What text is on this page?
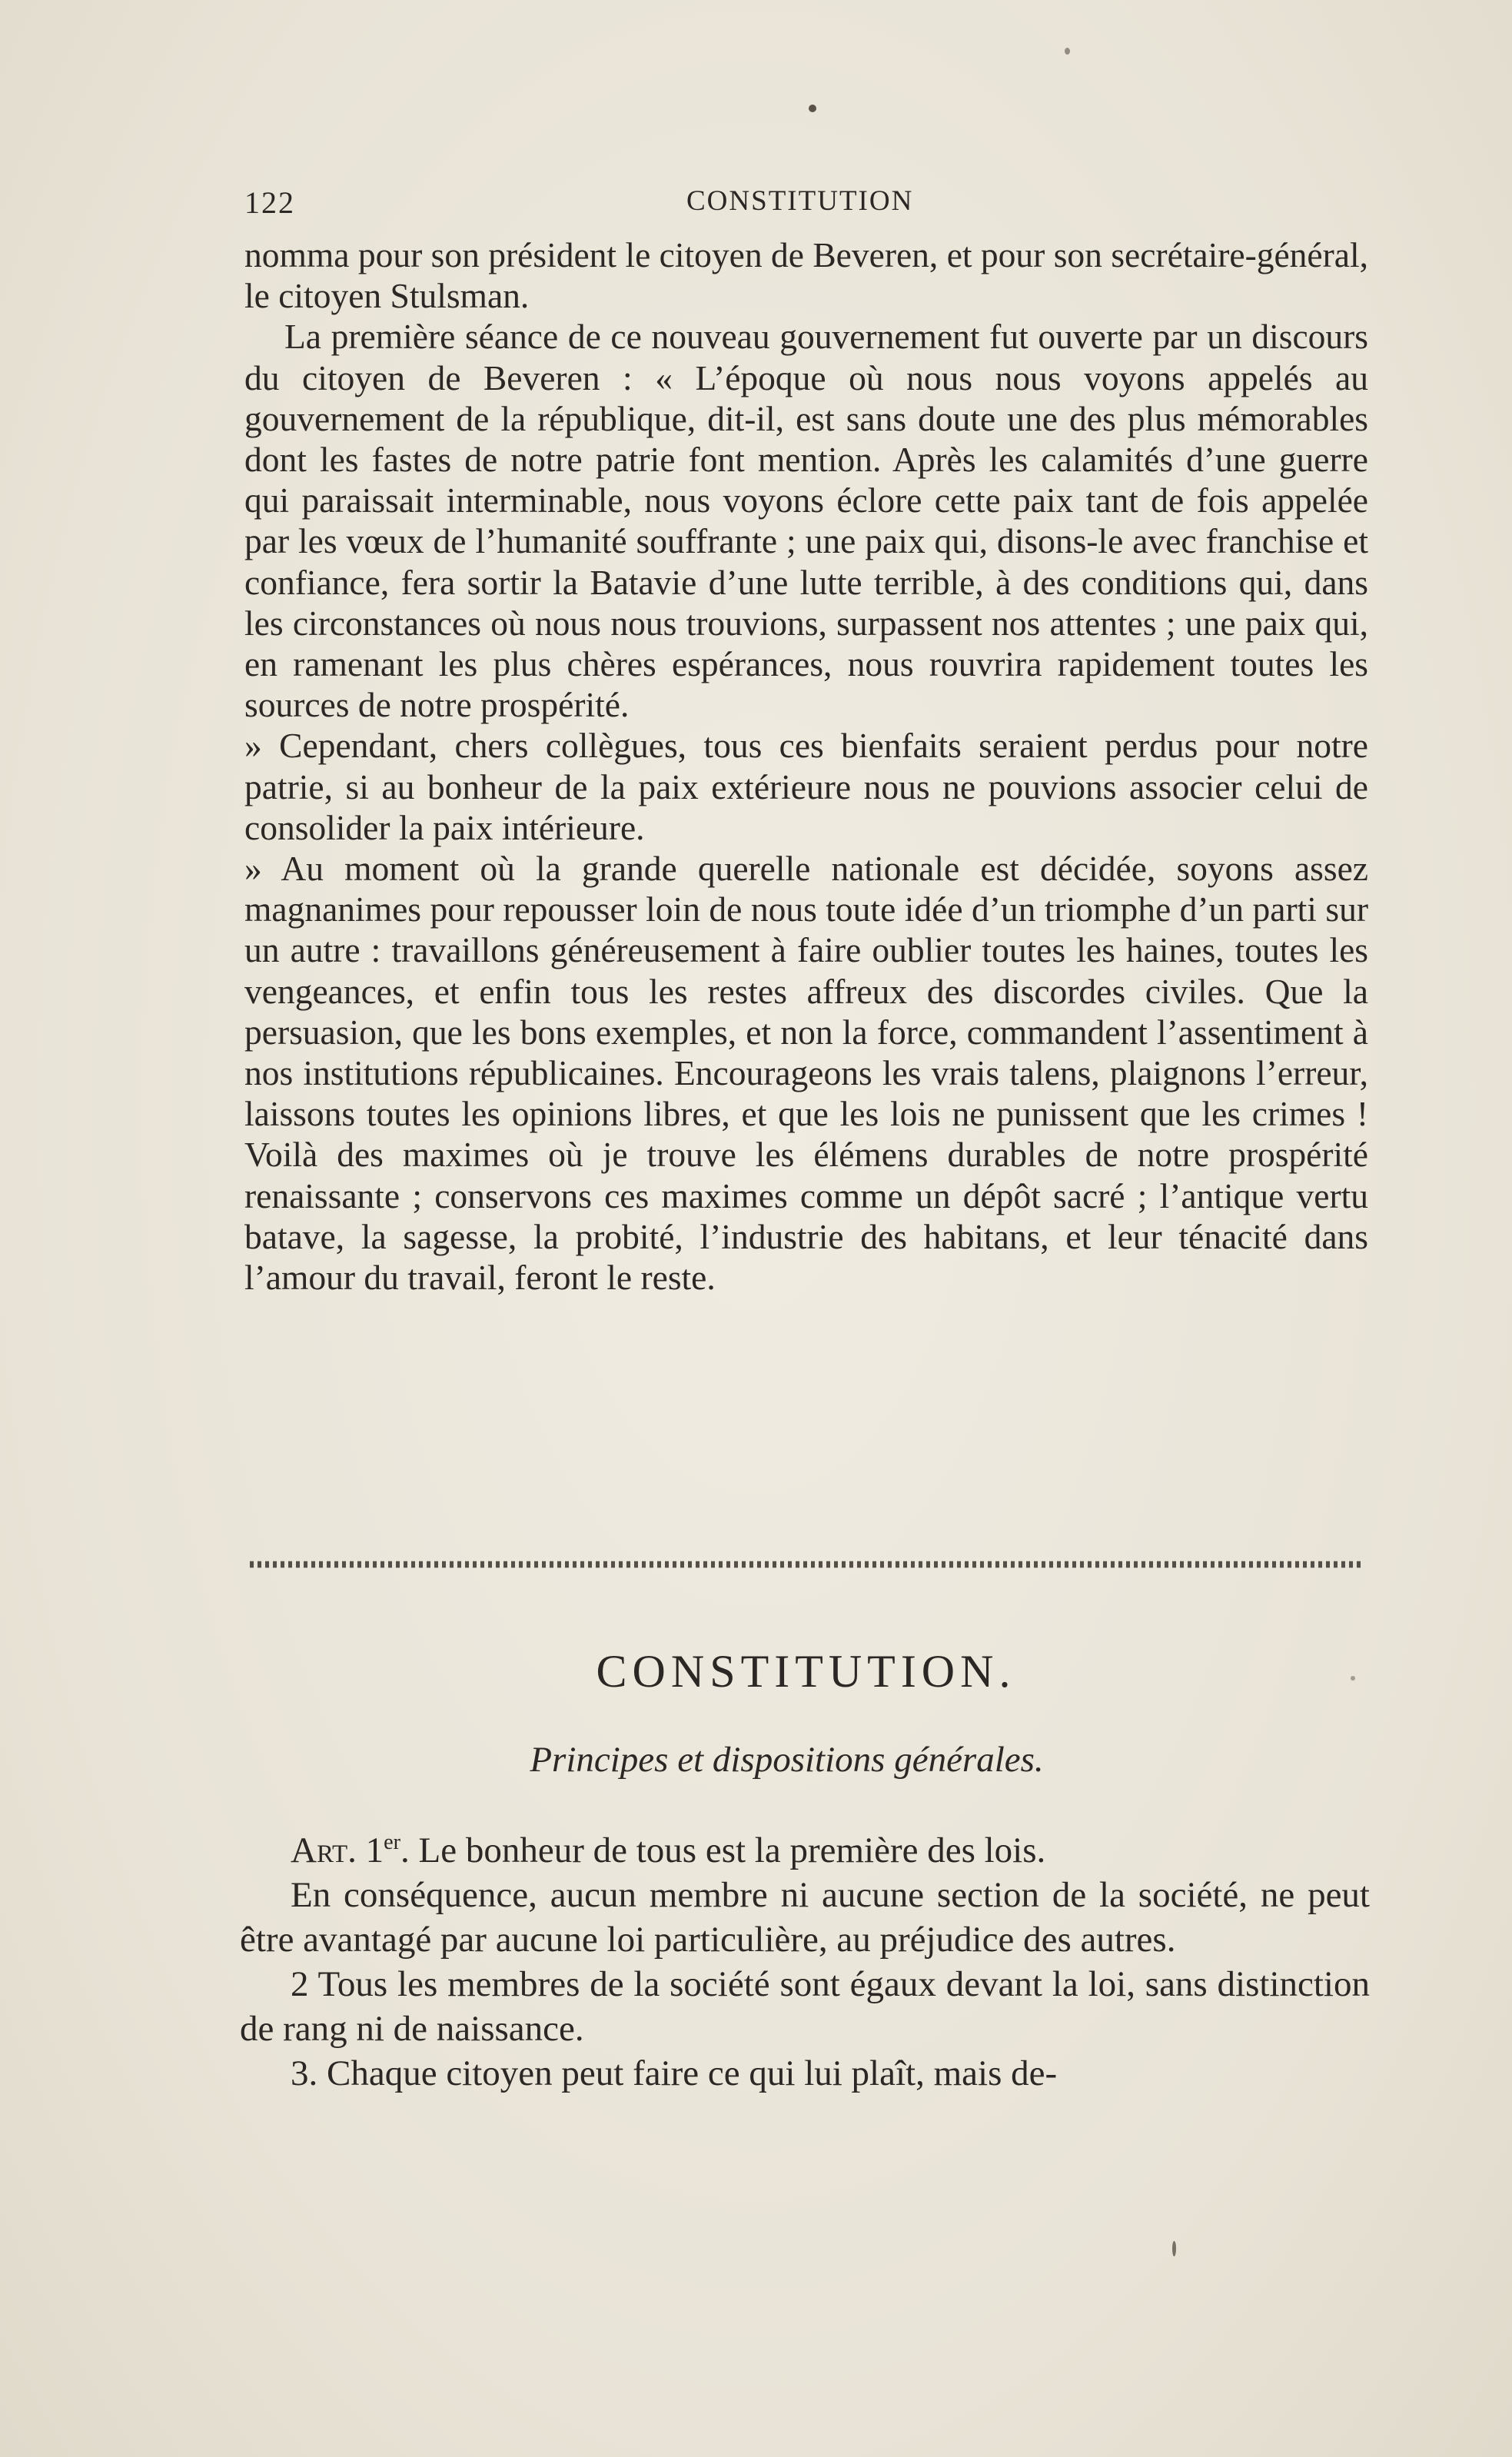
122	CONSTITUTION

nomma pour son président le citoyen de Beveren, et pour son secrétaire-général, le citoyen Stulsman.

La première séance de ce nouveau gouvernement fut ouverte par un discours du citoyen de Beveren : « L’époque où nous nous voyons appelés au gouvernement de la république, dit-il, est sans doute une des plus mémorables dont les fastes de notre patrie font mention. Après les calamités d’une guerre qui paraissait interminable, nous voyons éclore cette paix tant de fois appelée par les vœux de l’humanité souffrante ; une paix qui, disons-le avec franchise et confiance, fera sortir la Batavie d’une lutte terrible, à des conditions qui, dans les circonstances où nous nous trouvions, surpassent nos attentes ; une paix qui, en ramenant les plus chères espérances, nous rouvrira rapidement toutes les sources de notre prospérité.

» Cependant, chers collègues, tous ces bienfaits seraient perdus pour notre patrie, si au bonheur de la paix extérieure nous ne pouvions associer celui de consolider la paix intérieure.

» Au moment où la grande querelle nationale est décidée, soyons assez magnanimes pour repousser loin de nous toute idée d’un triomphe d’un parti sur un autre : travaillons généreusement à faire oublier toutes les haines, toutes les vengeances, et enfin tous les restes affreux des discordes civiles. Que la persuasion, que les bons exemples, et non la force, commandent l’assentiment à nos institutions républicaines. Encourageons les vrais talens, plaignons l’erreur, laissons toutes les opinions libres, et que les lois ne punissent que les crimes ! Voilà des maximes où je trouve les élémens durables de notre prospérité renaissante ; conservons ces maximes comme un dépôt sacré ; l’antique vertu batave, la sagesse, la probité, l’industrie des habitans, et leur ténacité dans l’amour du travail, feront le reste.

CONSTITUTION.
Principes et dispositions générales.

Art. 1er. Le bonheur de tous est la première des lois.

En conséquence, aucun membre ni aucune section de la société, ne peut être avantagé par aucune loi particulière, au préjudice des autres.

2 Tous les membres de la société sont égaux devant la loi, sans distinction de rang ni de naissance.

3. Chaque citoyen peut faire ce qui lui plaît, mais de-
